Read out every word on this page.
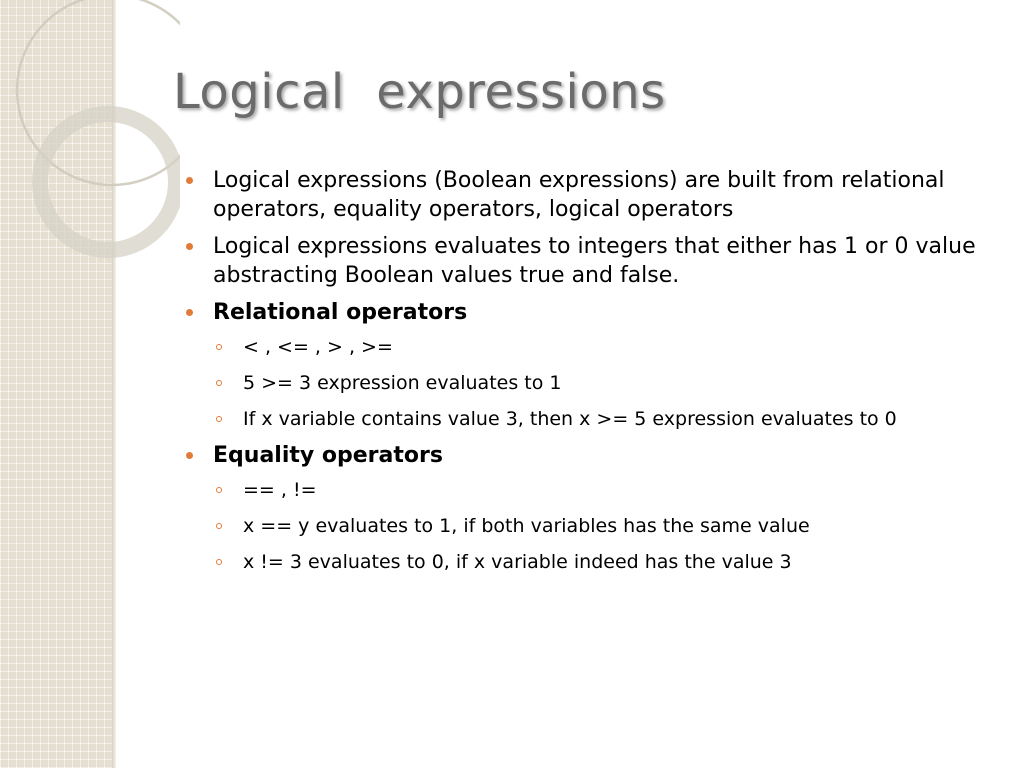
Logical  expressions
Logical expressions (Boolean expressions) are built from relational operators, equality operators, logical operators
Logical expressions evaluates to integers that either has 1 or 0 value abstracting Boolean values true and false.
Relational operators
< , <= , > , >=
5 >= 3 expression evaluates to 1
If x variable contains value 3, then x >= 5 expression evaluates to 0
Equality operators
== , !=
x == y evaluates to 1, if both variables has the same value
x != 3 evaluates to 0, if x variable indeed has the value 3
